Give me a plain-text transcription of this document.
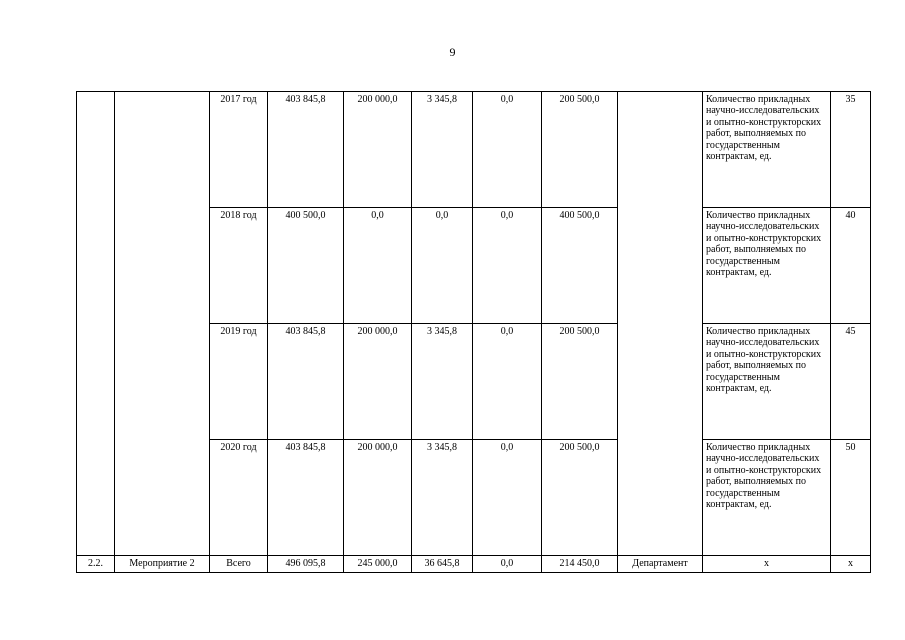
9
		2017 год	403 845,8	200 000,0	3 345,8	0,0	200 500,0		Количество прикладных научно-исследовательских и опытно-конструкторских работ, выполняемых по государственным контрактам, ед.	35
		2018 год	400 500,0	0,0	0,0	0,0	400 500,0		Количество прикладных научно-исследовательских и опытно-конструкторских работ, выполняемых по государственным контрактам, ед.	40
		2019 год	403 845,8	200 000,0	3 345,8	0,0	200 500,0		Количество прикладных научно-исследовательских и опытно-конструкторских работ, выполняемых по государственным контрактам, ед.	45
		2020 год	403 845,8	200 000,0	3 345,8	0,0	200 500,0		Количество прикладных научно-исследовательских и опытно-конструкторских работ, выполняемых по государственным контрактам, ед.	50
2.2.	Мероприятие 2	Всего	496 095,8	245 000,0	36 645,8	0,0	214 450,0	Департамент	х	х
